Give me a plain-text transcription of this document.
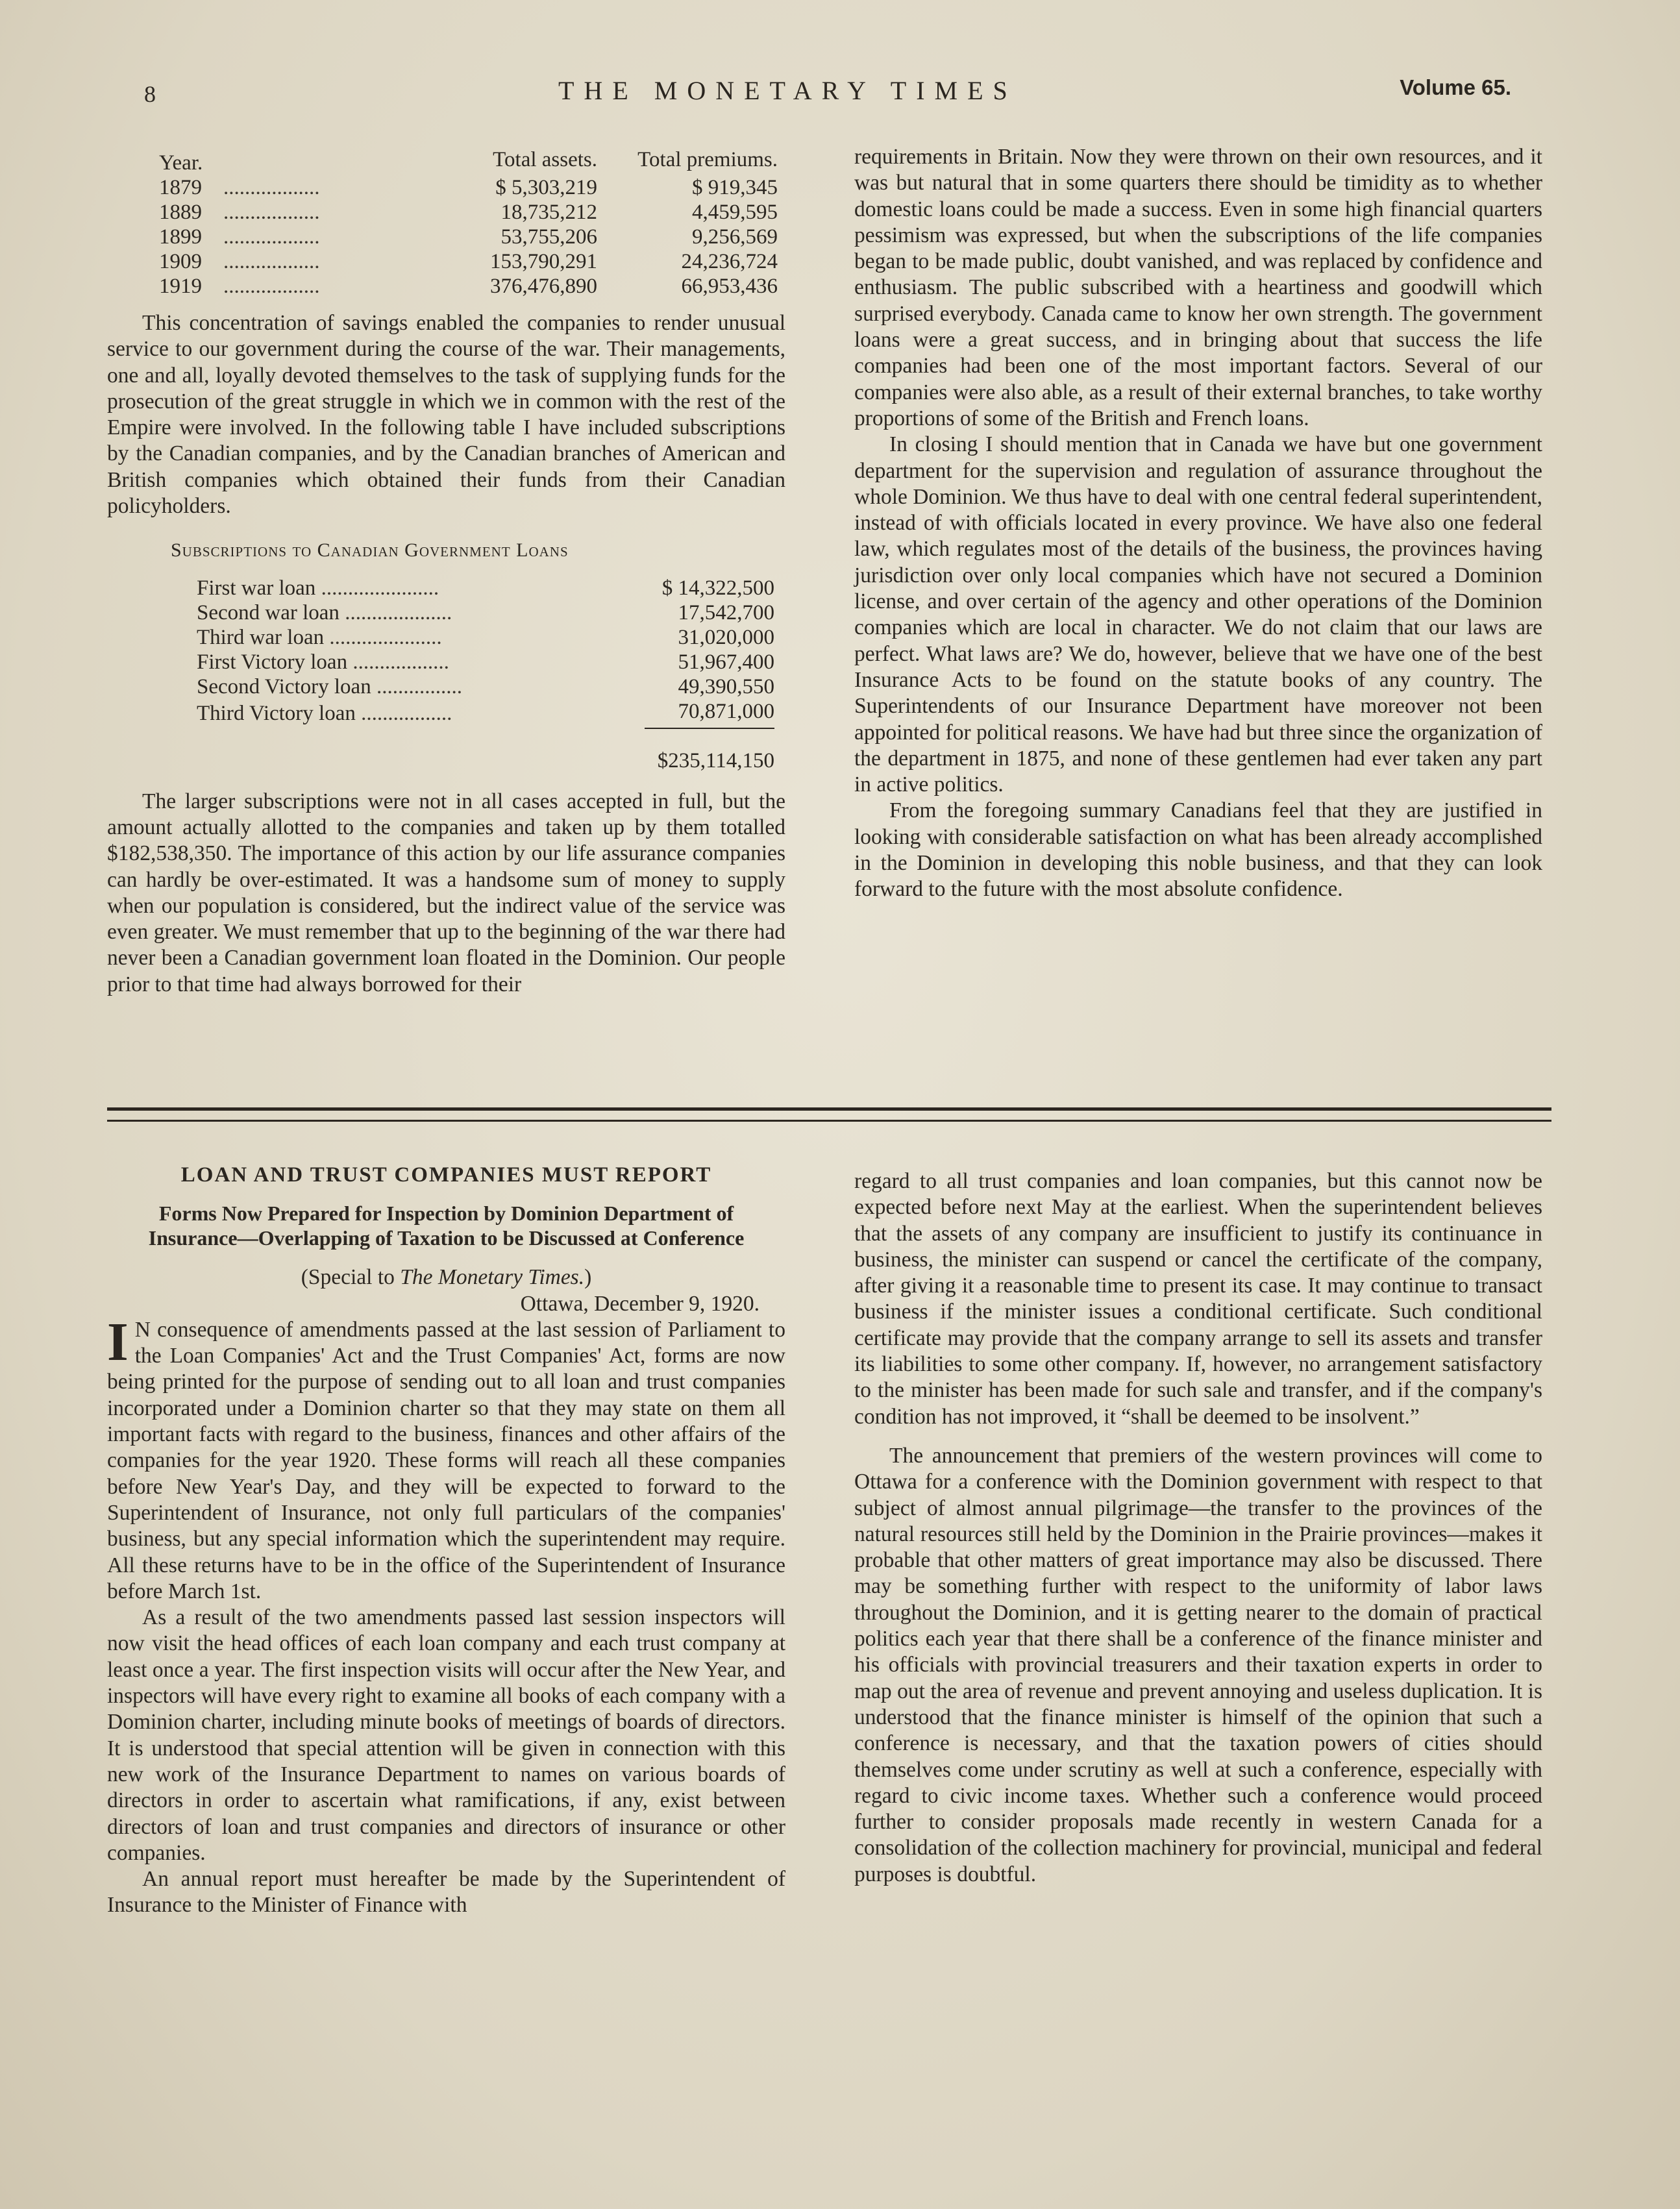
8	THE MONETARY TIMES	Volume 65.
Year.	Total assets.	Total premiums.
1879 ..................	$ 5,303,219	$ 919,345
1889 ..................	18,735,212	4,459,595
1899 ..................	53,755,206	9,256,569
1909 ..................	153,790,291	24,236,724
1919 ..................	376,476,890	66,953,436

This concentration of savings enabled the companies to render unusual service to our government during the course of the war. Their managements, one and all, loyally devoted themselves to the task of supplying funds for the prosecution of the great struggle in which we in common with the rest of the Empire were involved. In the following table I have included subscriptions by the Canadian companies, and by the Canadian branches of American and British companies which obtained their funds from their Canadian policyholders.

Subscriptions to Canadian Government Loans
First war loan ......................	$ 14,322,500
Second war loan ....................	17,542,700
Third war loan .....................	31,020,000
First Victory loan ..................	51,967,400
Second Victory loan ................	49,390,550
Third Victory loan .................	70,871,000
	$235,114,150

The larger subscriptions were not in all cases accepted in full, but the amount actually allotted to the companies and taken up by them totalled $182,538,350. The importance of this action by our life assurance companies can hardly be over-estimated. It was a handsome sum of money to supply when our population is considered, but the indirect value of the service was even greater. We must remember that up to the beginning of the war there had never been a Canadian government loan floated in the Dominion. Our people prior to that time had always borrowed for their

requirements in Britain. Now they were thrown on their own resources, and it was but natural that in some quarters there should be timidity as to whether domestic loans could be made a success. Even in some high financial quarters pessimism was expressed, but when the subscriptions of the life companies began to be made public, doubt vanished, and was replaced by confidence and enthusiasm. The public subscribed with a heartiness and goodwill which surprised everybody. Canada came to know her own strength. The government loans were a great success, and in bringing about that success the life companies had been one of the most important factors. Several of our companies were also able, as a result of their external branches, to take worthy proportions of some of the British and French loans.

In closing I should mention that in Canada we have but one government department for the supervision and regulation of assurance throughout the whole Dominion. We thus have to deal with one central federal superintendent, instead of with officials located in every province. We have also one federal law, which regulates most of the details of the business, the provinces having jurisdiction over only local companies which have not secured a Dominion license, and over certain of the agency and other operations of the Dominion companies which are local in character. We do not claim that our laws are perfect. What laws are? We do, however, believe that we have one of the best Insurance Acts to be found on the statute books of any country. The Superintendents of our Insurance Department have moreover not been appointed for political reasons. We have had but three since the organization of the department in 1875, and none of these gentlemen had ever taken any part in active politics.

From the foregoing summary Canadians feel that they are justified in looking with considerable satisfaction on what has been already accomplished in the Dominion in developing this noble business, and that they can look forward to the future with the most absolute confidence.

LOAN AND TRUST COMPANIES MUST REPORT
Forms Now Prepared for Inspection by Dominion Department of Insurance—Overlapping of Taxation to be Discussed at Conference
(Special to The Monetary Times.)
Ottawa, December 9, 1920.

I N consequence of amendments passed at the last session of Parliament to the Loan Companies' Act and the Trust Companies' Act, forms are now being printed for the purpose of sending out to all loan and trust companies incorporated under a Dominion charter so that they may state on them all important facts with regard to the business, finances and other affairs of the companies for the year 1920. These forms will reach all these companies before New Year's Day, and they will be expected to forward to the Superintendent of Insurance, not only full particulars of the companies' business, but any special information which the superintendent may require. All these returns have to be in the office of the Superintendent of Insurance before March 1st.

As a result of the two amendments passed last session inspectors will now visit the head offices of each loan company and each trust company at least once a year. The first inspection visits will occur after the New Year, and inspectors will have every right to examine all books of each company with a Dominion charter, including minute books of meetings of boards of directors. It is understood that special attention will be given in connection with this new work of the Insurance Department to names on various boards of directors in order to ascertain what ramifications, if any, exist between directors of loan and trust companies and directors of insurance or other companies.

An annual report must hereafter be made by the Superintendent of Insurance to the Minister of Finance with

regard to all trust companies and loan companies, but this cannot now be expected before next May at the earliest. When the superintendent believes that the assets of any company are insufficient to justify its continuance in business, the minister can suspend or cancel the certificate of the company, after giving it a reasonable time to present its case. It may continue to transact business if the minister issues a conditional certificate. Such conditional certificate may provide that the company arrange to sell its assets and transfer its liabilities to some other company. If, however, no arrangement satisfactory to the minister has been made for such sale and transfer, and if the company's condition has not improved, it “shall be deemed to be insolvent.”

The announcement that premiers of the western provinces will come to Ottawa for a conference with the Dominion government with respect to that subject of almost annual pilgrimage—the transfer to the provinces of the natural resources still held by the Dominion in the Prairie provinces—makes it probable that other matters of great importance may also be discussed. There may be something further with respect to the uniformity of labor laws throughout the Dominion, and it is getting nearer to the domain of practical politics each year that there shall be a conference of the finance minister and his officials with provincial treasurers and their taxation experts in order to map out the area of revenue and prevent annoying and useless duplication. It is understood that the finance minister is himself of the opinion that such a conference is necessary, and that the taxation powers of cities should themselves come under scrutiny as well at such a conference, especially with regard to civic income taxes. Whether such a conference would proceed further to consider proposals made recently in western Canada for a consolidation of the collection machinery for provincial, municipal and federal purposes is doubtful.
